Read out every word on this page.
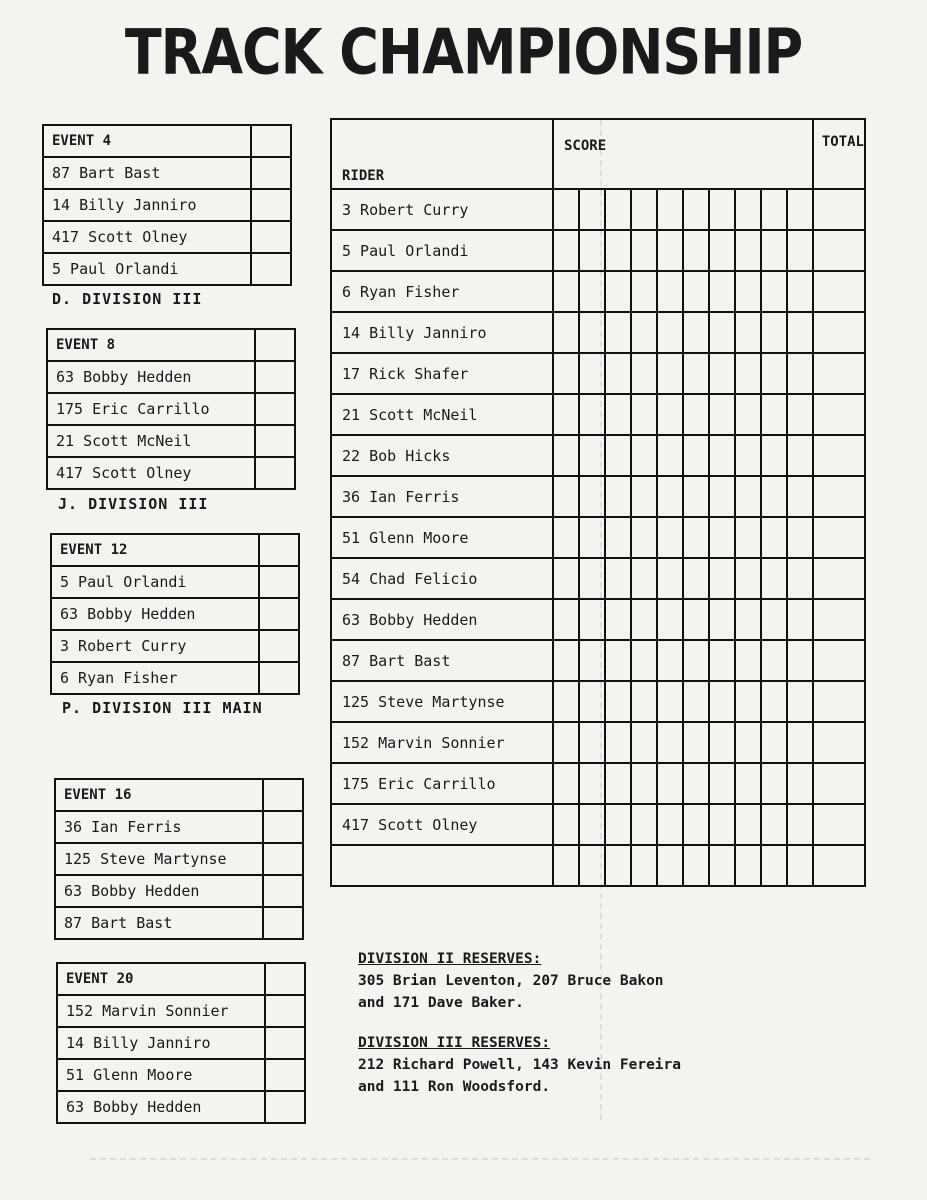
TRACK CHAMPIONSHIP
EVENT 4	
87 Bart Bast	
14 Billy Janniro	
417 Scott Olney	
5 Paul Orlandi	
D. DIVISION III
EVENT 8	
63 Bobby Hedden	
175 Eric Carrillo	
21 Scott McNeil	
417 Scott Olney	
J. DIVISION III
EVENT 12	
5 Paul Orlandi	
63 Bobby Hedden	
3 Robert Curry	
6 Ryan Fisher	
P. DIVISION III MAIN
EVENT 16	
36 Ian Ferris	
125 Steve Martynse	
63 Bobby Hedden	
87 Bart Bast	
EVENT 20	
152 Marvin Sonnier	
14 Billy Janniro	
51 Glenn Moore	
63 Bobby Hedden	
RIDER	SCORE										TOTAL
3 Robert Curry											
5 Paul Orlandi											
6 Ryan Fisher											
14 Billy Janniro											
17 Rick Shafer											
21 Scott McNeil											
22 Bob Hicks											
36 Ian Ferris											
51 Glenn Moore											
54 Chad Felicio											
63 Bobby Hedden											
87 Bart Bast											
125 Steve Martynse											
152 Marvin Sonnier											
175 Eric Carrillo											
417 Scott Olney											

DIVISION II RESERVES:
305 Brian Leventon, 207 Bruce Bakon
and 171 Dave Baker.
DIVISION III RESERVES:
212 Richard Powell, 143 Kevin Fereira
and 111 Ron Woodsford.
